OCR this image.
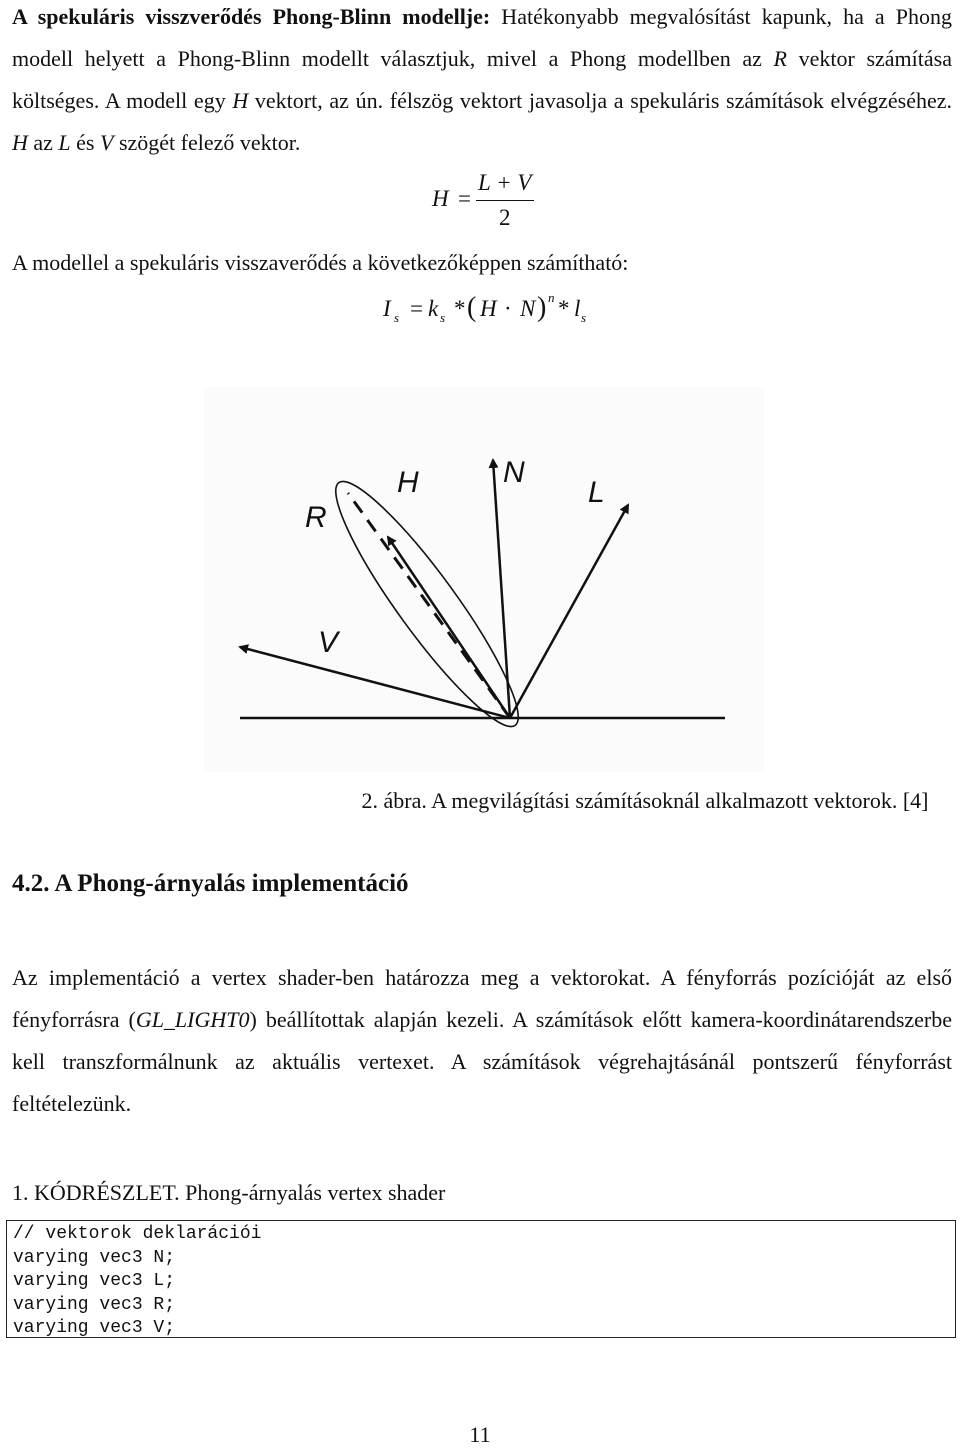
A spekuláris visszverődés Phong-Blinn modellje: Hatékonyabb megvalósítást kapunk, ha a Phong modell helyett a Phong-Blinn modellt választjuk, mivel a Phong modellben az R vektor számítása költséges. A modell egy H vektort, az ún. félszög vektort javasolja a spekuláris számítások elvégzéséhez. H az L és V szögét felező vektor.

H =
L + V
2
A modellel a spekuláris visszaverődés a következőképpen számítható:
I s = k s * ( H · N ) n * l s
H	N
L
R
V
2. ábra. A megvilágítási számításoknál alkalmazott vektorok. [4]
4.2. A Phong-árnyalás implementáció

Az implementáció a vertex shader-ben határozza meg a vektorokat. A fényforrás pozícióját az első fényforrásra (GL_LIGHT0) beállítottak alapján kezeli. A számítások előtt kamera-koordinátarendszerbe kell transzformálnunk az aktuális vertexet. A számítások végrehajtásánál pontszerű fényforrást feltételezünk.

1. KÓDRÉSZLET. Phong-árnyalás vertex shader
// vektorok deklarációi
varying vec3 N;
varying vec3 L;
varying vec3 R;
varying vec3 V;
11
